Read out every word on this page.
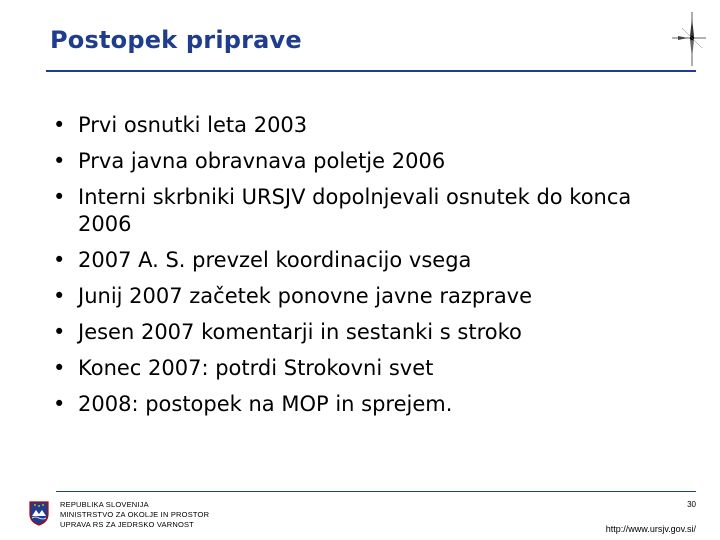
Postopek priprave
• Prvi osnutki leta 2003
• Prva javna obravnava poletje 2006
• Interni skrbniki URSJV dopolnjevali osnutek do konca 2006
• 2007 A. S. prevzel koordinacijo vsega
• Junij 2007 začetek ponovne javne razprave
• Jesen 2007 komentarji in sestanki s stroko
• Konec 2007: potrdi Strokovni svet
• 2008: postopek na MOP in sprejem.
REPUBLIKA SLOVENIJA
MINISTRSTVO ZA OKOLJE IN PROSTOR
UPRAVA RS ZA JEDRSKO VARNOST
30
http://www.ursjv.gov.si/
